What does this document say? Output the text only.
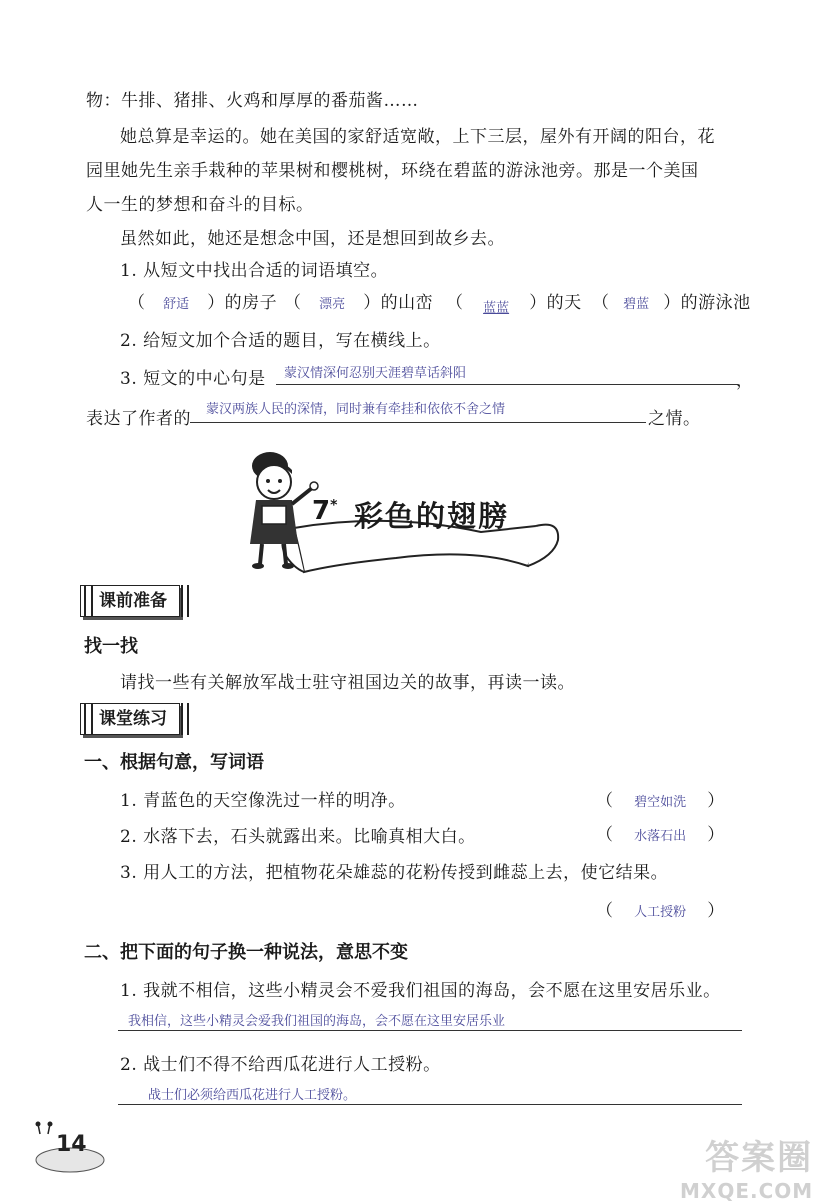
物：牛排、猪排、火鸡和厚厚的番茄酱……
她总算是幸运的。她在美国的家舒适宽敞，上下三层，屋外有开阔的阳台，花
园里她先生亲手栽种的苹果树和樱桃树，环绕在碧蓝的游泳池旁。那是一个美国
人一生的梦想和奋斗的目标。
虽然如此，她还是想念中国，还是想回到故乡去。
1. 从短文中找出合适的词语填空。
（ 舒适 ）的房子 （ 漂亮 ）的山峦 （ 蓝蓝 ）的天 （ 碧蓝 ）的游泳池
2. 给短文加个合适的题目，写在横线上。
3. 短文的中心句是 蒙汉情深何忍别天涯碧草话斜阳	，
表达了作者的 蒙汉两族人民的深情，同时兼有牵挂和依依不舍之情	之情。
7* 彩色的翅膀
课前准备
找一找
请找一些有关解放军战士驻守祖国边关的故事，再读一读。
课堂练习
一、根据句意，写词语
1. 青蓝色的天空像洗过一样的明净。	（ 碧空如洗 ）
2. 水落下去，石头就露出来。比喻真相大白。	（ 水落石出 ）
3. 用人工的方法，把植物花朵雄蕊的花粉传授到雌蕊上去，使它结果。
（ 人工授粉 ）
二、把下面的句子换一种说法，意思不变
1. 我就不相信，这些小精灵会不爱我们祖国的海岛，会不愿在这里安居乐业。
我相信，这些小精灵会爱我们祖国的海岛，会不愿在这里安居乐业
2. 战士们不得不给西瓜花进行人工授粉。
战士们必须给西瓜花进行人工授粉。
14	答案圈
MXQE.COM
